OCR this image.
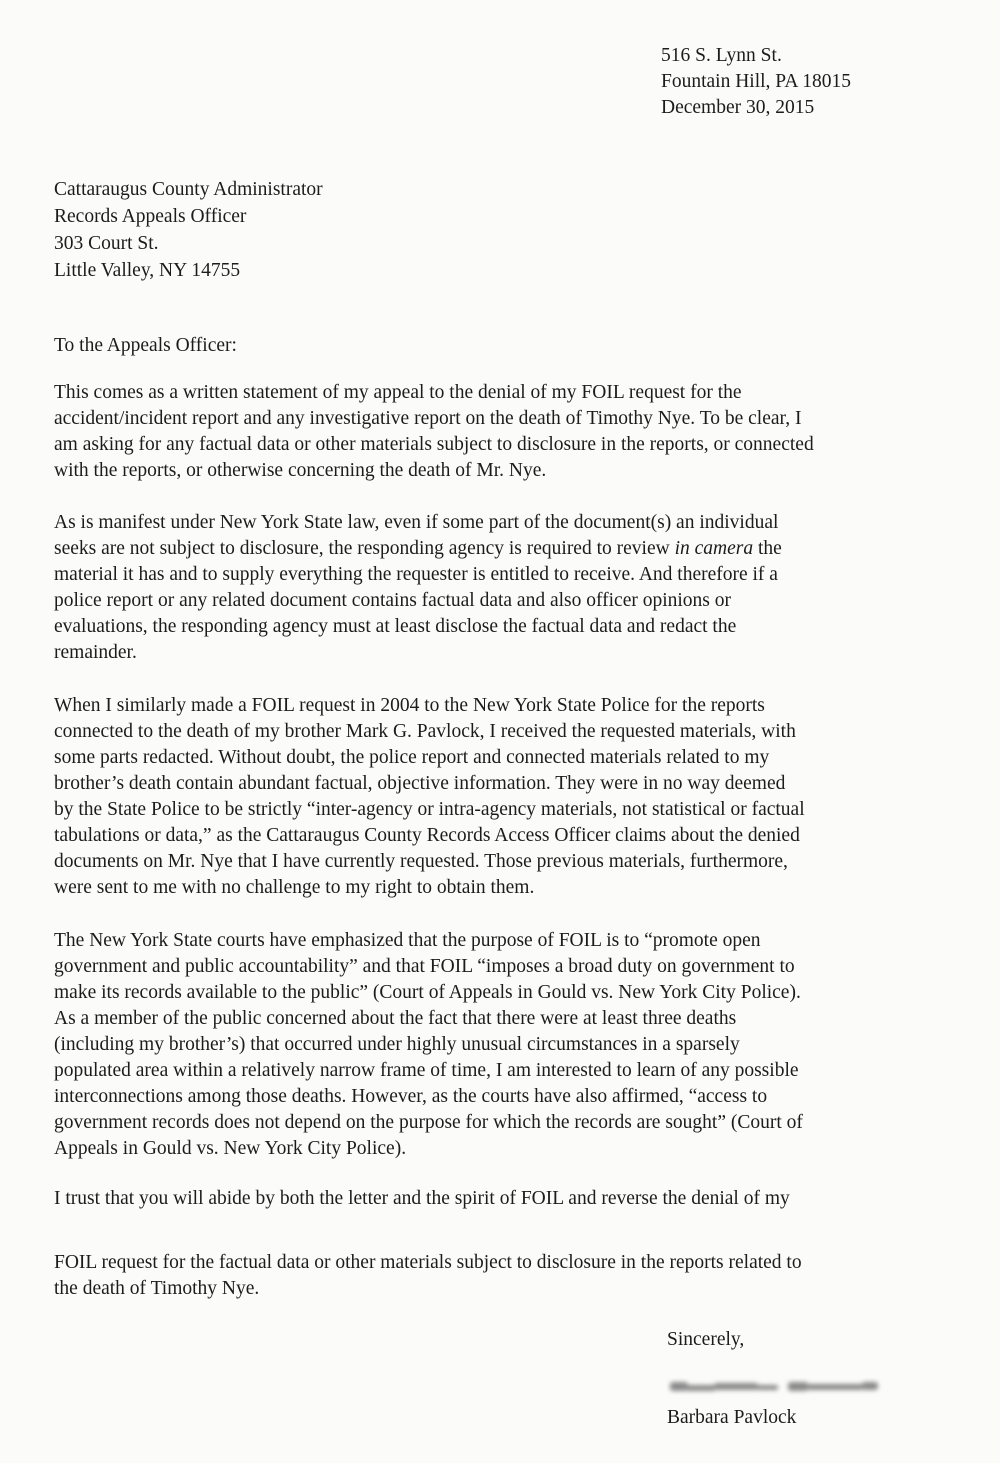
516 S. Lynn St.

Fountain Hill, PA 18015

December 30, 2015

Cattaraugus County Administrator

Records Appeals Officer

303 Court St.

Little Valley, NY 14755

To the Appeals Officer:

This comes as a written statement of my appeal to the denial of my FOIL request for the

accident/incident report and any investigative report on the death of Timothy Nye. To be clear, I

am asking for any factual data or other materials subject to disclosure in the reports, or connected

with the reports, or otherwise concerning the death of Mr. Nye.

As is manifest under New York State law, even if some part of the document(s) an individual

seeks are not subject to disclosure, the responding agency is required to review in camera the

material it has and to supply everything the requester is entitled to receive. And therefore if a

police report or any related document contains factual data and also officer opinions or

evaluations, the responding agency must at least disclose the factual data and redact the

remainder.

When I similarly made a FOIL request in 2004 to the New York State Police for the reports

connected to the death of my brother Mark G. Pavlock, I received the requested materials, with

some parts redacted. Without doubt, the police report and connected materials related to my

brother’s death contain abundant factual, objective information. They were in no way deemed

by the State Police to be strictly “inter-agency or intra-agency materials, not statistical or factual

tabulations or data,” as the Cattaraugus County Records Access Officer claims about the denied

documents on Mr. Nye that I have currently requested. Those previous materials, furthermore,

were sent to me with no challenge to my right to obtain them.

The New York State courts have emphasized that the purpose of FOIL is to “promote open

government and public accountability” and that FOIL “imposes a broad duty on government to

make its records available to the public” (Court of Appeals in Gould vs. New York City Police).

As a member of the public concerned about the fact that there were at least three deaths

(including my brother’s) that occurred under highly unusual circumstances in a sparsely

populated area within a relatively narrow frame of time, I am interested to learn of any possible

interconnections among those deaths. However, as the courts have also affirmed, “access to

government records does not depend on the purpose for which the records are sought” (Court of

Appeals in Gould vs. New York City Police).

I trust that you will abide by both the letter and the spirit of FOIL and reverse the denial of my

FOIL request for the factual data or other materials subject to disclosure in the reports related to

the death of Timothy Nye.

Sincerely,

Barbara Pavlock
